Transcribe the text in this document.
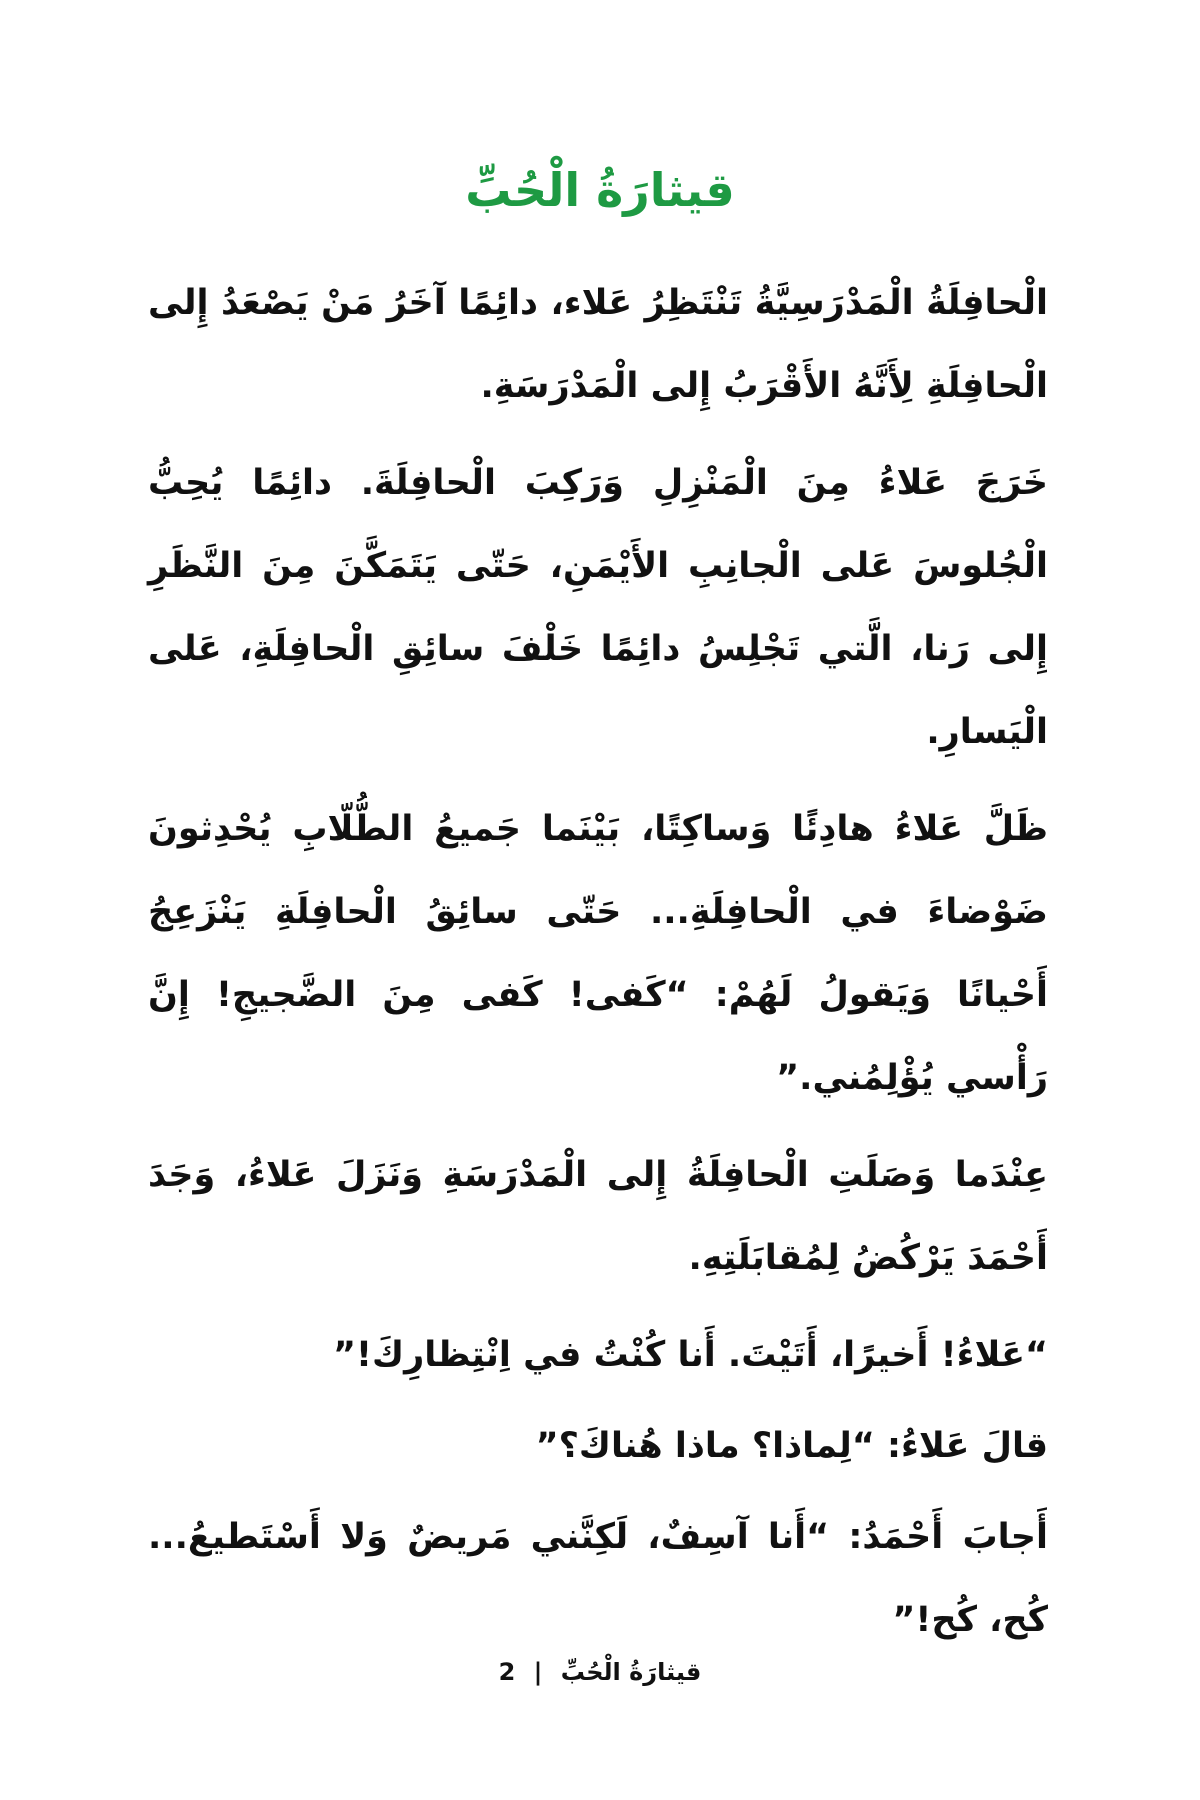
قيثارَةُ الْحُبِّ

الْحافِلَةُ الْمَدْرَسِيَّةُ تَنْتَظِرُ عَلاء، دائِمًا آخَرُ مَنْ يَصْعَدُ إِلى الْحافِلَةِ لِأَنَّهُ الأَقْرَبُ إِلى الْمَدْرَسَةِ.

خَرَجَ عَلاءُ مِنَ الْمَنْزِلِ وَرَكِبَ الْحافِلَةَ. دائِمًا يُحِبُّ الْجُلوسَ عَلى الْجانِبِ الأَيْمَنِ، حَتّى يَتَمَكَّنَ مِنَ النَّظَرِ إِلى رَنا، الَّتي تَجْلِسُ دائِمًا خَلْفَ سائِقِ الْحافِلَةِ، عَلى الْيَسارِ.

ظَلَّ عَلاءُ هادِئًا وَساكِتًا، بَيْنَما جَميعُ الطُّلّابِ يُحْدِثونَ ضَوْضاءَ في الْحافِلَةِ... حَتّى سائِقُ الْحافِلَةِ يَنْزَعِجُ أَحْيانًا وَيَقولُ لَهُمْ: “كَفى! كَفى مِنَ الضَّجيجِ! إِنَّ رَأْسي يُؤْلِمُني.”

عِنْدَما وَصَلَتِ الْحافِلَةُ إِلى الْمَدْرَسَةِ وَنَزَلَ عَلاءُ، وَجَدَ أَحْمَدَ يَرْكُضُ لِمُقابَلَتِهِ.

“عَلاءُ! أَخيرًا، أَتَيْتَ. أَنا كُنْتُ في اِنْتِظارِكَ!”

قالَ عَلاءُ: “لِماذا؟ ماذا هُناكَ؟”

أَجابَ أَحْمَدُ: “أَنا آسِفٌ، لَكِنَّني مَريضٌ وَلا أَسْتَطيعُ... كُح، كُح!”

قيثارَةُ الْحُبِّ | 2
